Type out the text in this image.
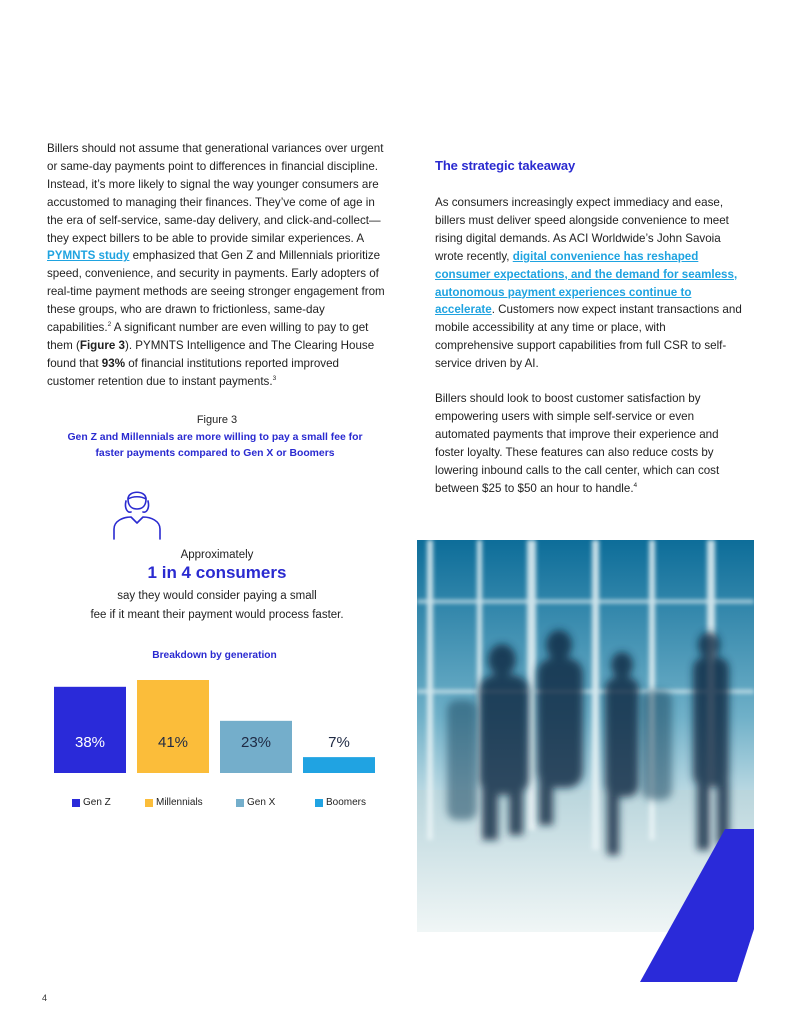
Billers should not assume that generational variances over urgent or same-day payments point to differences in financial discipline. Instead, it’s more likely to signal the way younger consumers are accustomed to managing their finances. They’ve come of age in the era of self-service, same-day delivery, and click-and-collect—they expect billers to be able to provide similar experiences. A PYMNTS study emphasized that Gen Z and Millennials prioritize speed, convenience, and security in payments. Early adopters of real-time payment methods are seeing stronger engagement from these groups, who are drawn to frictionless, same-day capabilities.$^2$ A significant number are even willing to pay to get them (Figure 3). PYMNTS Intelligence and The Clearing House found that 93% of financial institutions reported improved customer retention due to instant payments.$^3$

Figure 3
Gen Z and Millennials are more willing to pay a small fee for faster payments compared to Gen X or Boomers
Approximately
1 in 4 consumers
say they would consider paying a small
fee if it meant their payment would process faster.
Breakdown by generation
38%	41%	23%	7%
Gen Z	Millennials	Gen X	Boomers
The strategic takeaway

As consumers increasingly expect immediacy and ease, billers must deliver speed alongside convenience to meet rising digital demands. As ACI Worldwide’s John Savoia wrote recently, digital convenience has reshaped consumer expectations, and the demand for seamless, autonomous payment experiences continue to accelerate. Customers now expect instant transactions and mobile accessibility at any time or place, with comprehensive support capabilities from full CSR to self-service driven by AI.

Billers should look to boost customer satisfaction by empowering users with simple self-service or even automated payments that improve their experience and foster loyalty. These features can also reduce costs by lowering inbound calls to the call center, which can cost between $25 to $50 an hour to handle.$^4$

4
